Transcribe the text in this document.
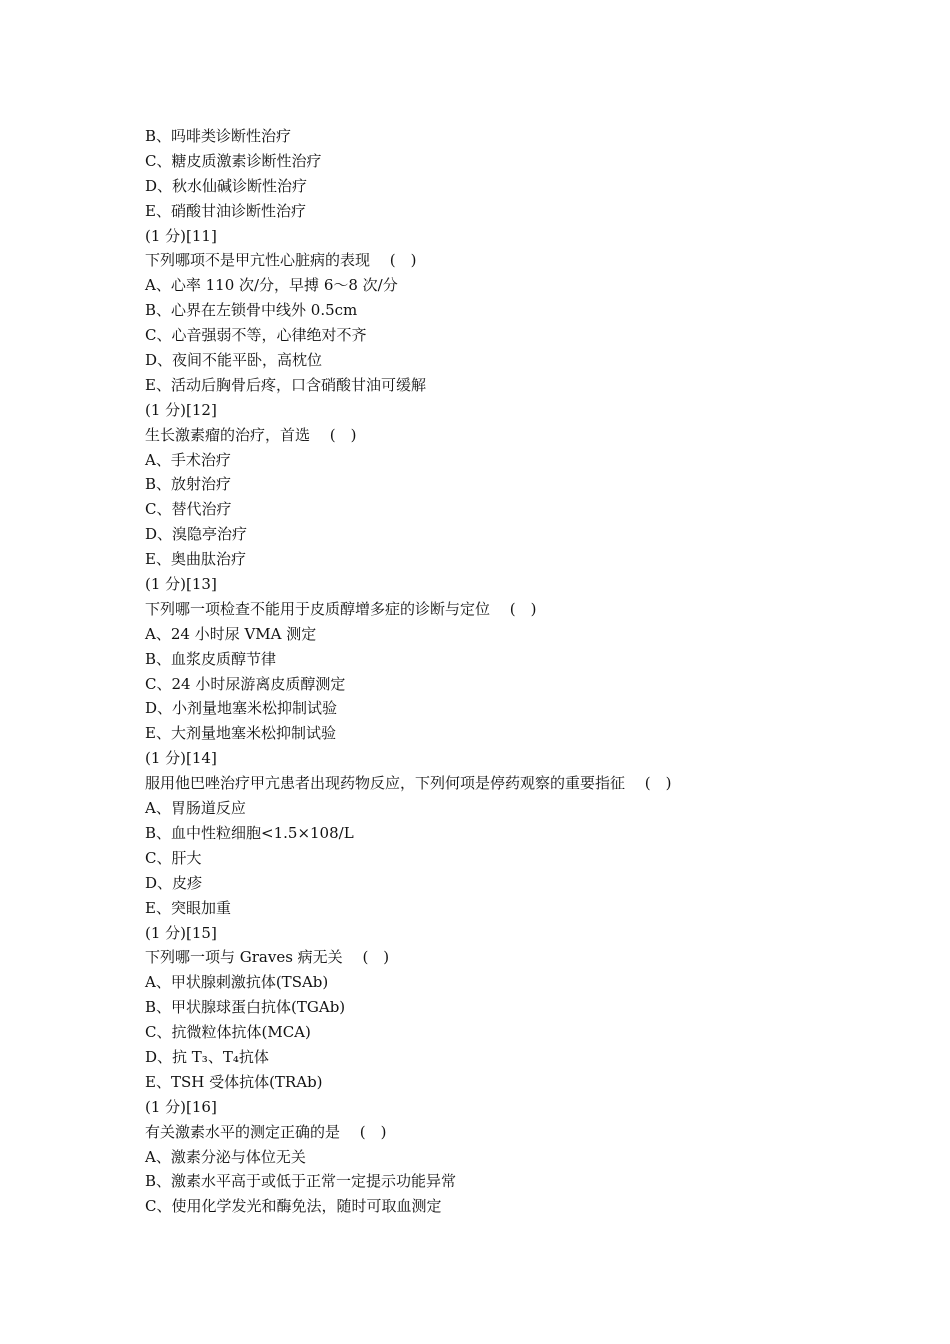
B、吗啡类诊断性治疗
C、糖皮质激素诊断性治疗
D、秋水仙碱诊断性治疗
E、硝酸甘油诊断性治疗
(1 分)[11]
下列哪项不是甲亢性心脏病的表现　 (　)
A、心率 110 次/分，早搏 6～8 次/分
B、心界在左锁骨中线外 0.5cm
C、心音强弱不等，心律绝对不齐
D、夜间不能平卧，高枕位
E、活动后胸骨后疼，口含硝酸甘油可缓解
(1 分)[12]
生长激素瘤的治疗，首选　 (　)
A、手术治疗
B、放射治疗
C、替代治疗
D、溴隐亭治疗
E、奥曲肽治疗
(1 分)[13]
下列哪一项检查不能用于皮质醇增多症的诊断与定位　 (　)
A、24 小时尿 VMA 测定
B、血浆皮质醇节律
C、24 小时尿游离皮质醇测定
D、小剂量地塞米松抑制试验
E、大剂量地塞米松抑制试验
(1 分)[14]
服用他巴唑治疗甲亢患者出现药物反应，下列何项是停药观察的重要指征　 (　)
A、胃肠道反应
B、血中性粒细胞<1.5×108/L
C、肝大
D、皮疹
E、突眼加重
(1 分)[15]
下列哪一项与 Graves 病无关　 (　)
A、甲状腺刺激抗体(TSAb)
B、甲状腺球蛋白抗体(TGAb)
C、抗微粒体抗体(MCA)
D、抗 T₃、T₄抗体
E、TSH 受体抗体(TRAb)
(1 分)[16]
有关激素水平的测定正确的是　 (　)
A、激素分泌与体位无关
B、激素水平高于或低于正常一定提示功能异常
C、使用化学发光和酶免法，随时可取血测定
